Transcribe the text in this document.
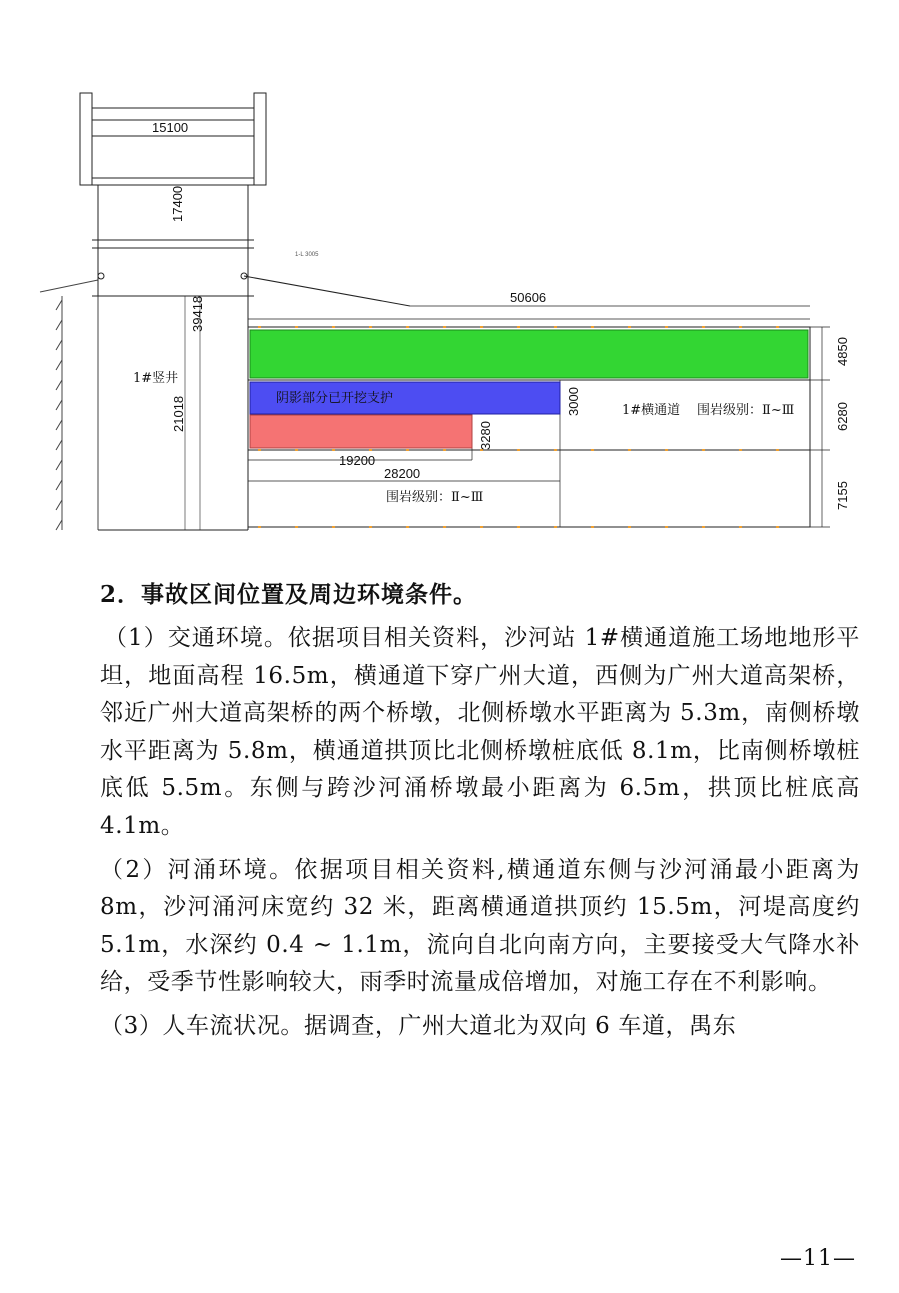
1-L 3005
15100
17400
39418
21018
1#竖井
阴影部分已开挖支护
1#横通道 围岩级别：Ⅱ~Ⅲ
围岩级别：Ⅱ~Ⅲ
50606
4850
6280
7155
3000
3280
19200
28200

2．事故区间位置及周边环境条件。

（1）交通环境。依据项目相关资料，沙河站 1#横通道施工场地地形平坦，地面高程 16.5m，横通道下穿广州大道，西侧为广州大道高架桥，邻近广州大道高架桥的两个桥墩，北侧桥墩水平距离为 5.3m，南侧桥墩水平距离为 5.8m，横通道拱顶比北侧桥墩桩底低 8.1m，比南侧桥墩桩底低 5.5m。东侧与跨沙河涌桥墩最小距离为 6.5m，拱顶比桩底高 4.1m。

（2）河涌环境。依据项目相关资料,横通道东侧与沙河涌最小距离为 8m，沙河涌河床宽约 32 米，距离横通道拱顶约 15.5m，河堤高度约 5.1m，水深约 0.4 ~ 1.1m，流向自北向南方向，主要接受大气降水补给，受季节性影响较大，雨季时流量成倍增加，对施工存在不利影响。

（3）人车流状况。据调查，广州大道北为双向 6 车道，禺东

—11—
